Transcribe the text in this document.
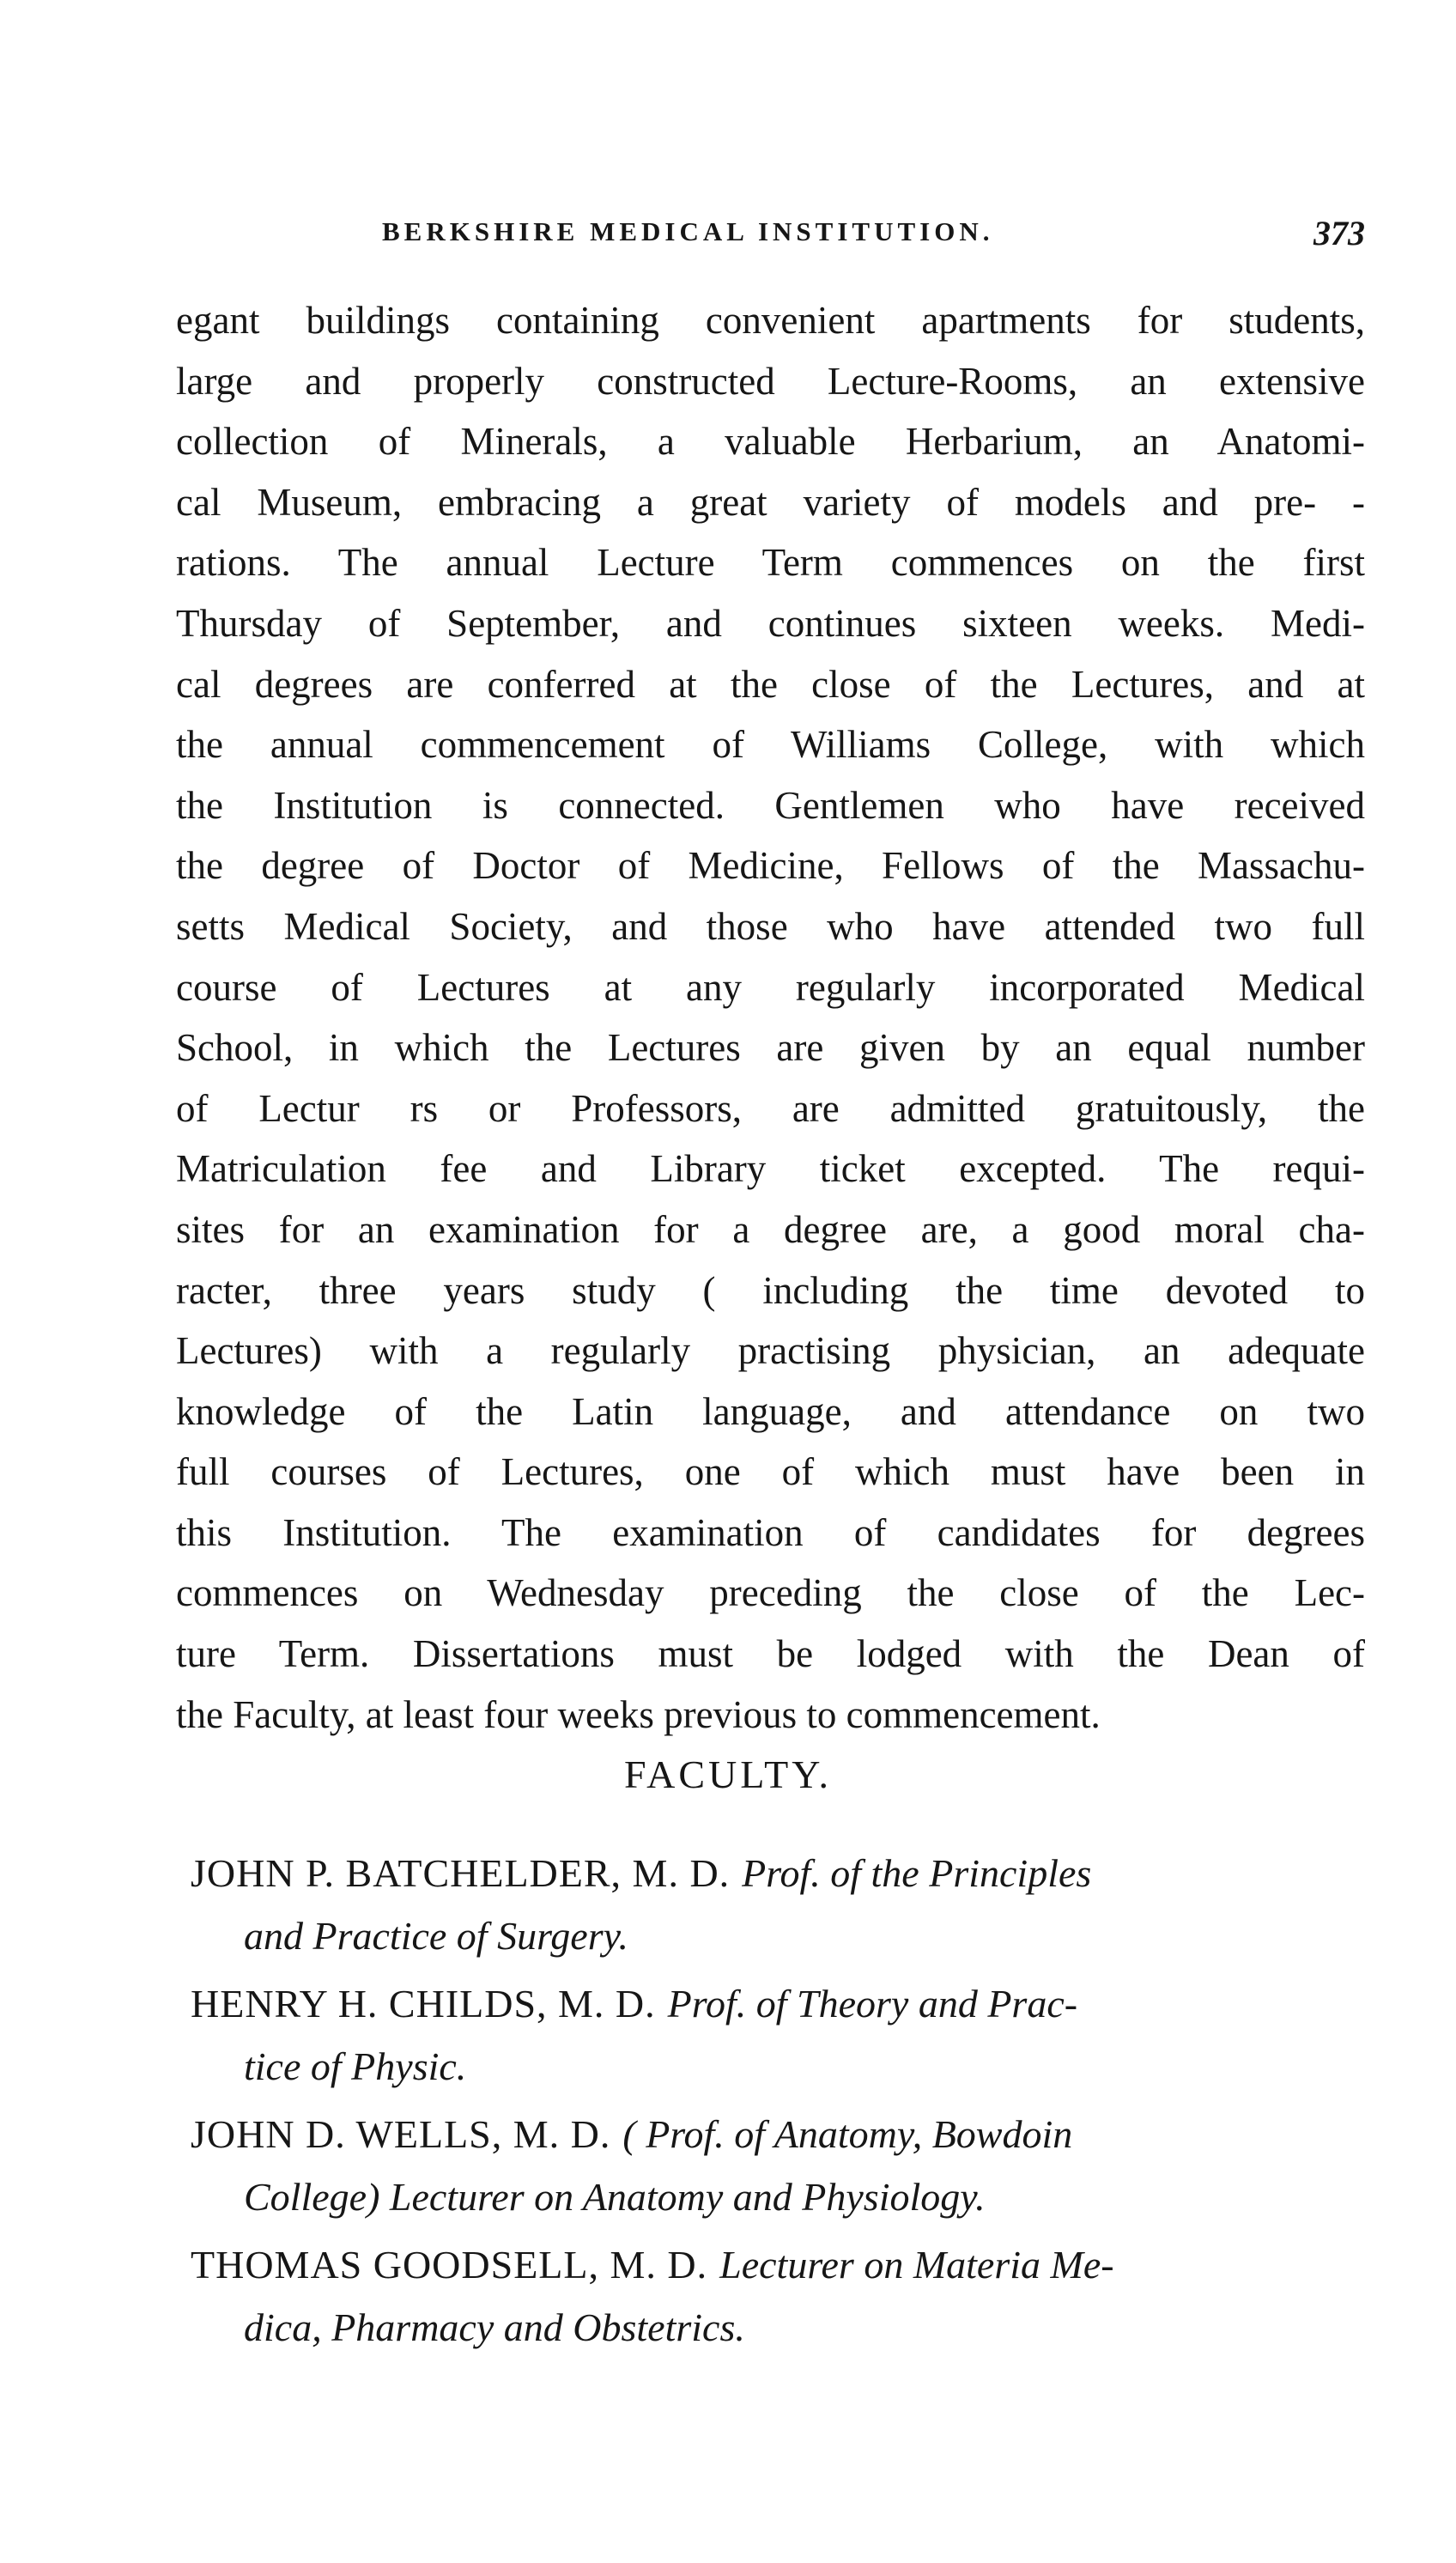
BERKSHIRE MEDICAL INSTITUTION.	373
egant buildings containing convenient apartments for students,
large and properly constructed Lecture-Rooms, an extensive
collection of Minerals, a valuable Herbarium, an Anatomi-
cal Museum, embracing a great variety of models and pre- -
rations. The annual Lecture Term commences on the first
Thursday of September, and continues sixteen weeks. Medi-
cal degrees are conferred at the close of the Lectures, and at
the annual commencement of Williams College, with which
the Institution is connected. Gentlemen who have received
the degree of Doctor of Medicine, Fellows of the Massachu-
setts Medical Society, and those who have attended two full
course of Lectures at any regularly incorporated Medical
School, in which the Lectures are given by an equal number
of Lectur rs or Professors, are admitted gratuitously, the
Matriculation fee and Library ticket excepted. The requi-
sites for an examination for a degree are, a good moral cha-
racter, three years study ( including the time devoted to
Lectures) with a regularly practising physician, an adequate
knowledge of the Latin language, and attendance on two
full courses of Lectures, one of which must have been in
this Institution. The examination of candidates for degrees
commences on Wednesday preceding the close of the Lec-
ture Term. Dissertations must be lodged with the Dean of
the Faculty, at least four weeks previous to commencement.
FACULTY.
JOHN P. BATCHELDER, M. D. Prof. of the Principles
and Practice of Surgery.
HENRY H. CHILDS, M. D. Prof. of Theory and Prac-
tice of Physic.
JOHN D. WELLS, M. D. ( Prof. of Anatomy, Bowdoin
College) Lecturer on Anatomy and Physiology.
THOMAS GOODSELL, M. D. Lecturer on Materia Me-
dica, Pharmacy and Obstetrics.
